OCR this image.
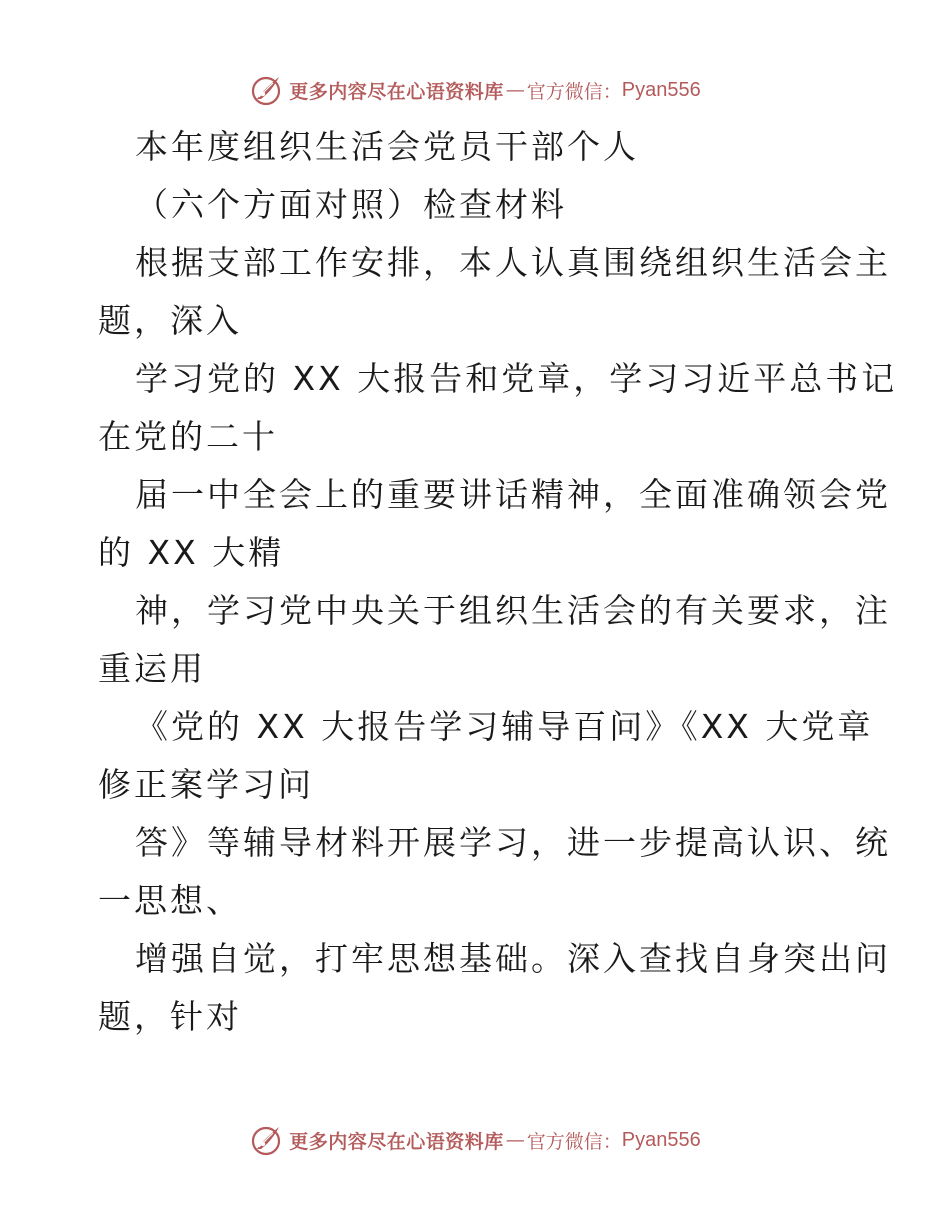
更多内容尽在心语资料库 — 官方微信： Pyan556
本年度组织生活会党员干部个人
（六个方面对照）检查材料
根据支部工作安排，本人认真围绕组织生活会主
题，深入
学习党的 XX 大报告和党章，学习习近平总书记
在党的二十
届一中全会上的重要讲话精神，全面准确领会党
的 XX 大精
神，学习党中央关于组织生活会的有关要求，注
重运用
《党的 XX 大报告学习辅导百问》《XX 大党章
修正案学习问
答》等辅导材料开展学习，进一步提高认识、统
一思想、
增强自觉，打牢思想基础。深入查找自身突出问
题，针对
更多内容尽在心语资料库 — 官方微信： Pyan556
